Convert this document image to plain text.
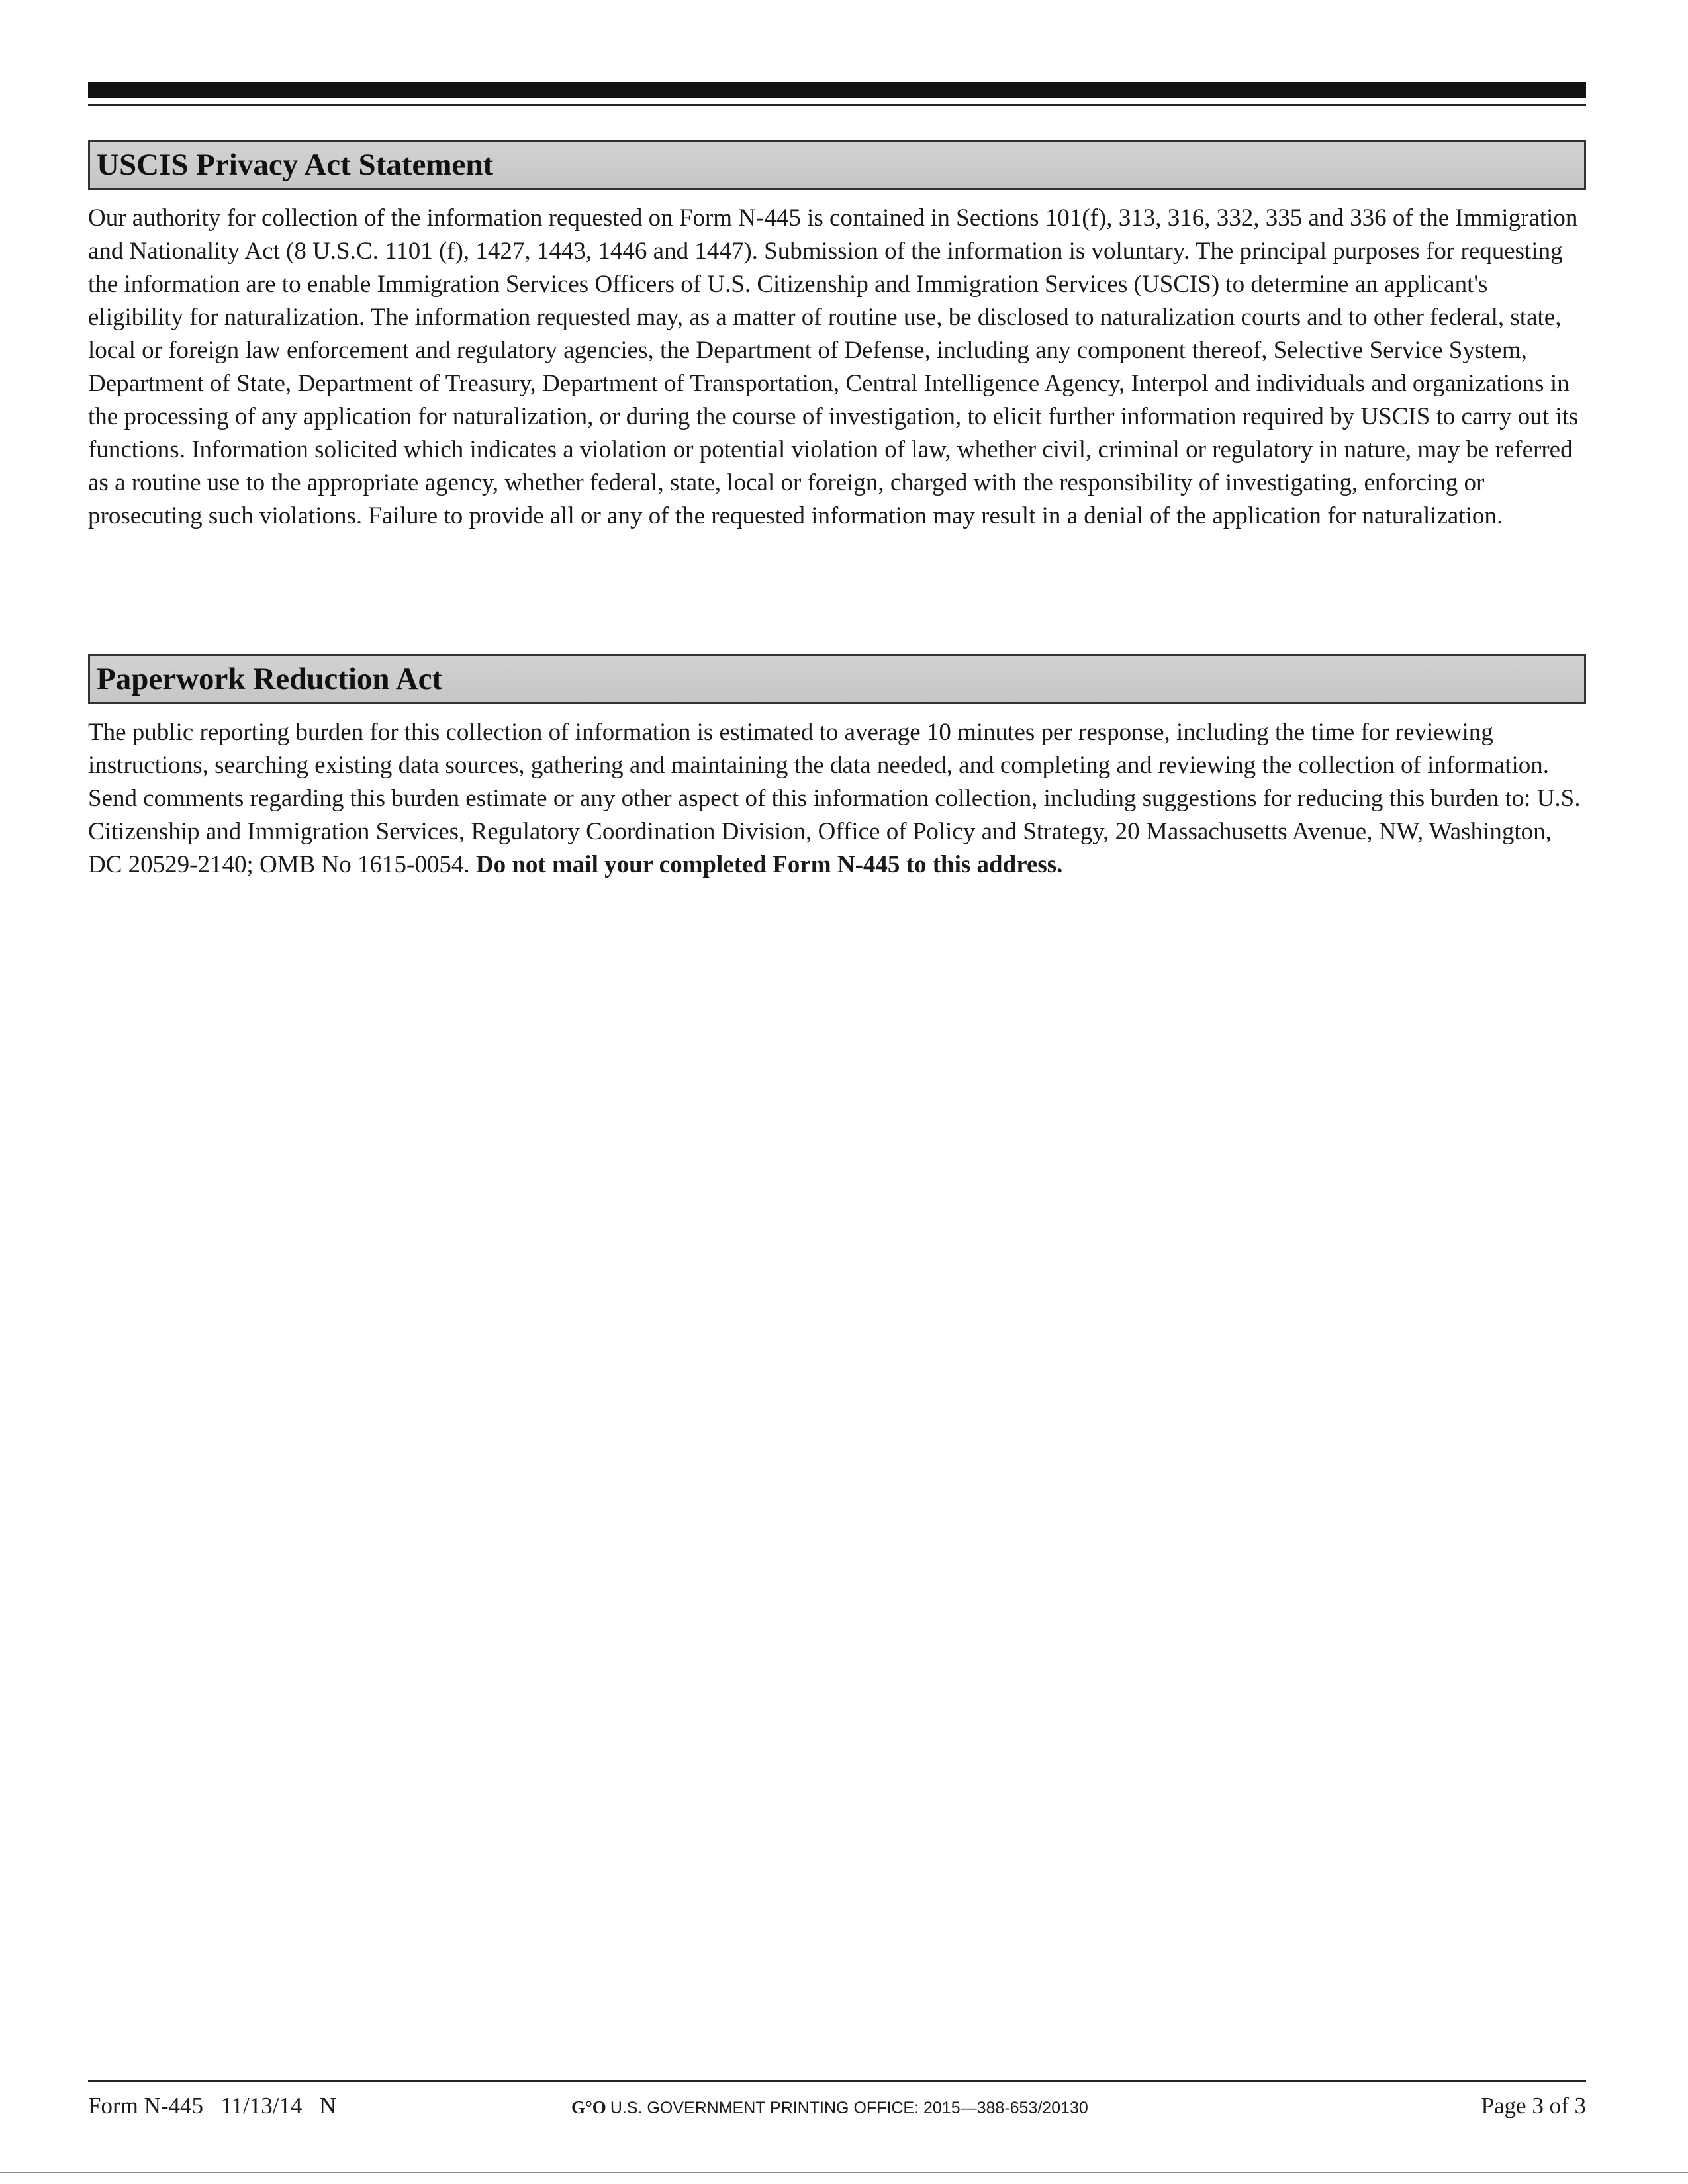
USCIS Privacy Act Statement

Our authority for collection of the information requested on Form N-445 is contained in Sections 101(f), 313, 316, 332, 335 and 336 of the Immigration and Nationality Act (8 U.S.C. 1101 (f), 1427, 1443, 1446 and 1447). Submission of the information is voluntary. The principal purposes for requesting the information are to enable Immigration Services Officers of U.S. Citizenship and Immigration Services (USCIS) to determine an applicant's eligibility for naturalization. The information requested may, as a matter of routine use, be disclosed to naturalization courts and to other federal, state, local or foreign law enforcement and regulatory agencies, the Department of Defense, including any component thereof, Selective Service System, Department of State, Department of Treasury, Department of Transportation, Central Intelligence Agency, Interpol and individuals and organizations in the processing of any application for naturalization, or during the course of investigation, to elicit further information required by USCIS to carry out its functions. Information solicited which indicates a violation or potential violation of law, whether civil, criminal or regulatory in nature, may be referred as a routine use to the appropriate agency, whether federal, state, local or foreign, charged with the responsibility of investigating, enforcing or prosecuting such violations. Failure to provide all or any of the requested information may result in a denial of the application for naturalization.

Paperwork Reduction Act

The public reporting burden for this collection of information is estimated to average 10 minutes per response, including the time for reviewing instructions, searching existing data sources, gathering and maintaining the data needed, and completing and reviewing the collection of information. Send comments regarding this burden estimate or any other aspect of this information collection, including suggestions for reducing this burden to: U.S. Citizenship and Immigration Services, Regulatory Coordination Division, Office of Policy and Strategy, 20 Massachusetts Avenue, NW, Washington, DC 20529-2140; OMB No 1615-0054. Do not mail your completed Form N-445 to this address.

Form N-445   11/13/14   N	G°O U.S. GOVERNMENT PRINTING OFFICE: 2015—388-653/20130	Page 3 of 3
